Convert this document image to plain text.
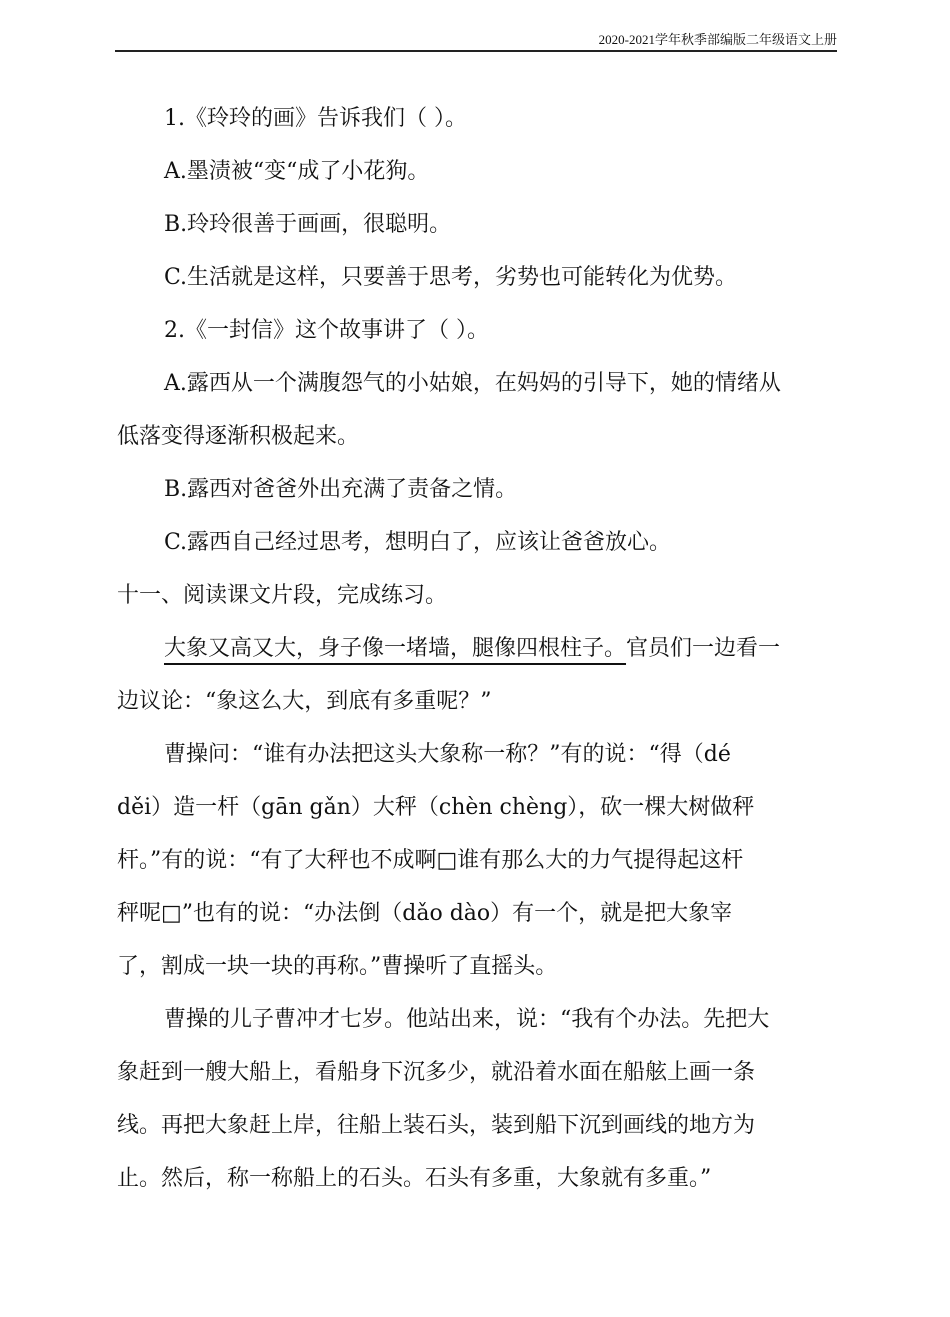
2020-2021学年秋季部编版二年级语文上册
1.《玲玲的画》告诉我们（ ）。
A.墨渍被“变“成了小花狗。
B.玲玲很善于画画，很聪明。
C.生活就是这样，只要善于思考，劣势也可能转化为优势。
2.《一封信》这个故事讲了（ ）。
A.露西从一个满腹怨气的小姑娘，在妈妈的引导下，她的情绪从
低落变得逐渐积极起来。
B.露西对爸爸外出充满了责备之情。
C.露西自己经过思考，想明白了，应该让爸爸放心。
十一、阅读课文片段，完成练习。
大象又高又大，身子像一堵墙，腿像四根柱子。官员们一边看一
边议论：“象这么大，到底有多重呢？”
曹操问：“谁有办法把这头大象称一称？”有的说：“得（dé
děi）造一杆（gān gǎn）大秤（chèn chèng），砍一棵大树做秤
杆。”有的说：“有了大秤也不成啊□谁有那么大的力气提得起这杆
秤呢□”也有的说：“办法倒（dǎo dào）有一个，就是把大象宰
了，割成一块一块的再称。”曹操听了直摇头。
曹操的儿子曹冲才七岁。他站出来，说：“我有个办法。先把大
象赶到一艘大船上，看船身下沉多少，就沿着水面在船舷上画一条
线。再把大象赶上岸，往船上装石头，装到船下沉到画线的地方为
止。然后，称一称船上的石头。石头有多重，大象就有多重。”
